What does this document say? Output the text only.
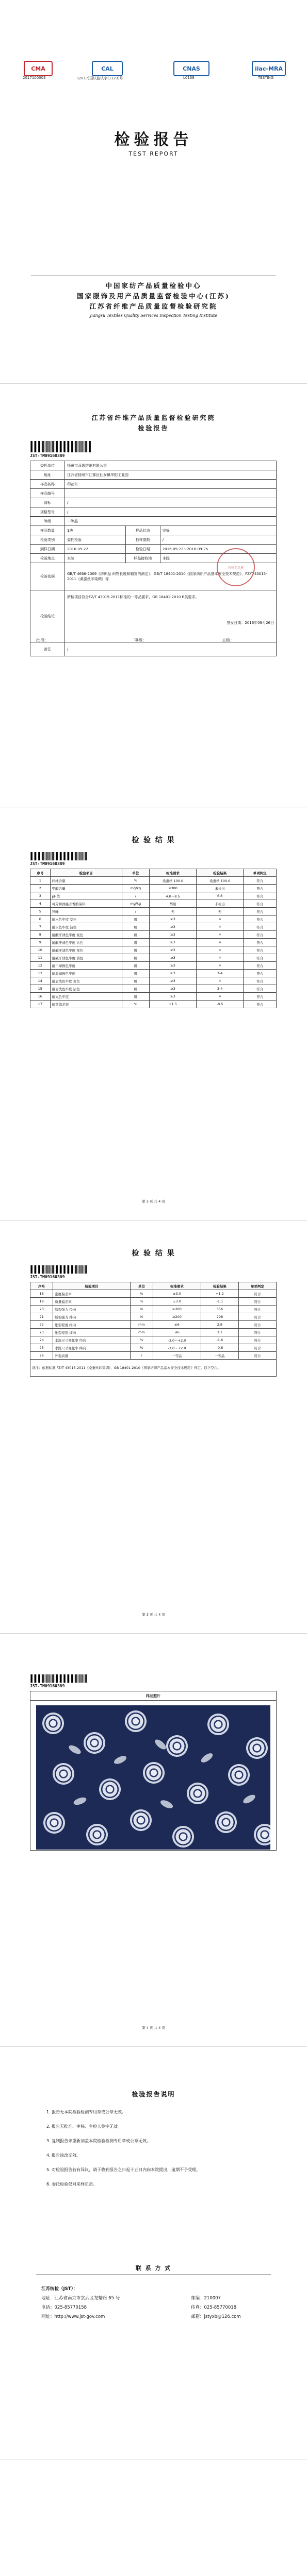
CMA
2017100003
CAL
(2017)国认监认字(1123)号
CNAS
L0138
ilac-MRA
TESTING
检验报告
TEST REPORT
中国家纺产品质量检验中心
国家服饰及用产品质量监督检验中心(江苏)
江苏省纤维产品质量监督检验研究院
Jiangsu Textiles Quality Services Inspection Testing Institute
江苏省纤维产品质量监督检验研究院
检验报告
JST-TM09160389
委托单位	扬州市菲逸纺织有限公司		
地址	江苏省扬州市江都区仙女镇华阳工业园		
样品名称	印花布		
样品编号			
商标	/		
规格型号	/		
等级	一等品		
样品数量	1块	样品状态	完好
检验类别	委托检验	抽样基数	/
到样日期	2016-09-22	检验日期	2016-09-22～2016-09-26
检验地点	本院	样品接收地	本院
检验依据	GB/T 4666-2009《纺织品 织物长度和幅宽的测定》、GB/T 18401-2010《国家纺织产品基本安全技术规范》、FZ/T 43015-2011《桑蚕丝印染绸》等		
检验结论	所检项目符合FZ/T 43015-2011标准的一等品要求，GB 18401-2010 B类要求。
签发日期：2016年09月26日		

备注	/		
检验专用章
批准：	审核：	主检：
检 验 结 果
JST-TM09160389
序号	检验项目	单位	标准要求	检验结果	单项判定
1	纤维含量	%	桑蚕丝 100.0	桑蚕丝 100.0	符合
2	甲醛含量	mg/kg	≤300	未检出	符合
3	pH值	/	4.0～8.5	6.8	符合
4	可分解致癌芳香胺染料	mg/kg	禁用	未检出	符合
5	异味	/	无	无	符合
6	耐水色牢度 变色	级	≥3	4	符合
7	耐水色牢度 沾色	级	≥3	4	符合
8	耐酸汗渍色牢度 变色	级	≥3	4	符合
9	耐酸汗渍色牢度 沾色	级	≥3	4	符合
10	耐碱汗渍色牢度 变色	级	≥3	4	符合
11	耐碱汗渍色牢度 沾色	级	≥3	4	符合
12	耐干摩擦色牢度	级	≥3	4	符合
13	耐湿摩擦色牢度	级	≥3	3-4	符合
14	耐皂洗色牢度 变色	级	≥3	4	符合
15	耐皂洗色牢度 沾色	级	≥3	3-4	符合
16	耐光色牢度	级	≥3	4	符合
17	幅宽偏差率	%	±1.5	-0.5	符合
第 2 页 共 4 页
检 验 结 果
JST-TM09160389
序号	检验项目	单位	标准要求	检验结果	单项判定
18	密度偏差率	%	±3.0	+1.2	符合
19	质量偏差率	%	±3.0	-1.1	符合
20	断裂强力 经向	N	≥200	356	符合
21	断裂强力 纬向	N	≥200	298	符合
22	纰裂程度 经向	mm	≤6	2.8	符合
23	纰裂程度 纬向	mm	≤6	3.1	符合
24	水洗尺寸变化率 经向	%	-3.0～+2.0	-1.6	符合
25	水洗尺寸变化率 纬向	%	-3.0～+2.0	-0.8	符合
26	外观质量	/	一等品	一等品	符合
备注：依据标准 FZ/T 43015-2011《桑蚕丝印染绸》、GB 18401-2010《国家纺织产品基本安全技术规范》判定。以下空白。					
第 3 页 共 4 页
JST-TM09160389
样品照片

第 4 页 共 4 页
检验报告说明
1. 报告无本院检验检测专用章或公章无效。
2. 报告无批准、审核、主检人签字无效。
3. 复制报告未重新加盖本院检验检测专用章或公章无效。
4. 报告涂改无效。
5. 对检验报告若有异议，请于收到报告之日起十五日内向本院提出，逾期不予受理。
6. 委托检验仅对来样负责。
联 系 方 式
江苏纺检（JST）：
地址：江苏省南京市玄武区龙蟠路 65 号	邮编：210007
电话：025-85770158	传真：025-85770018
网址：http://www.jst-gov.com	邮箱：jstyxb@126.com
